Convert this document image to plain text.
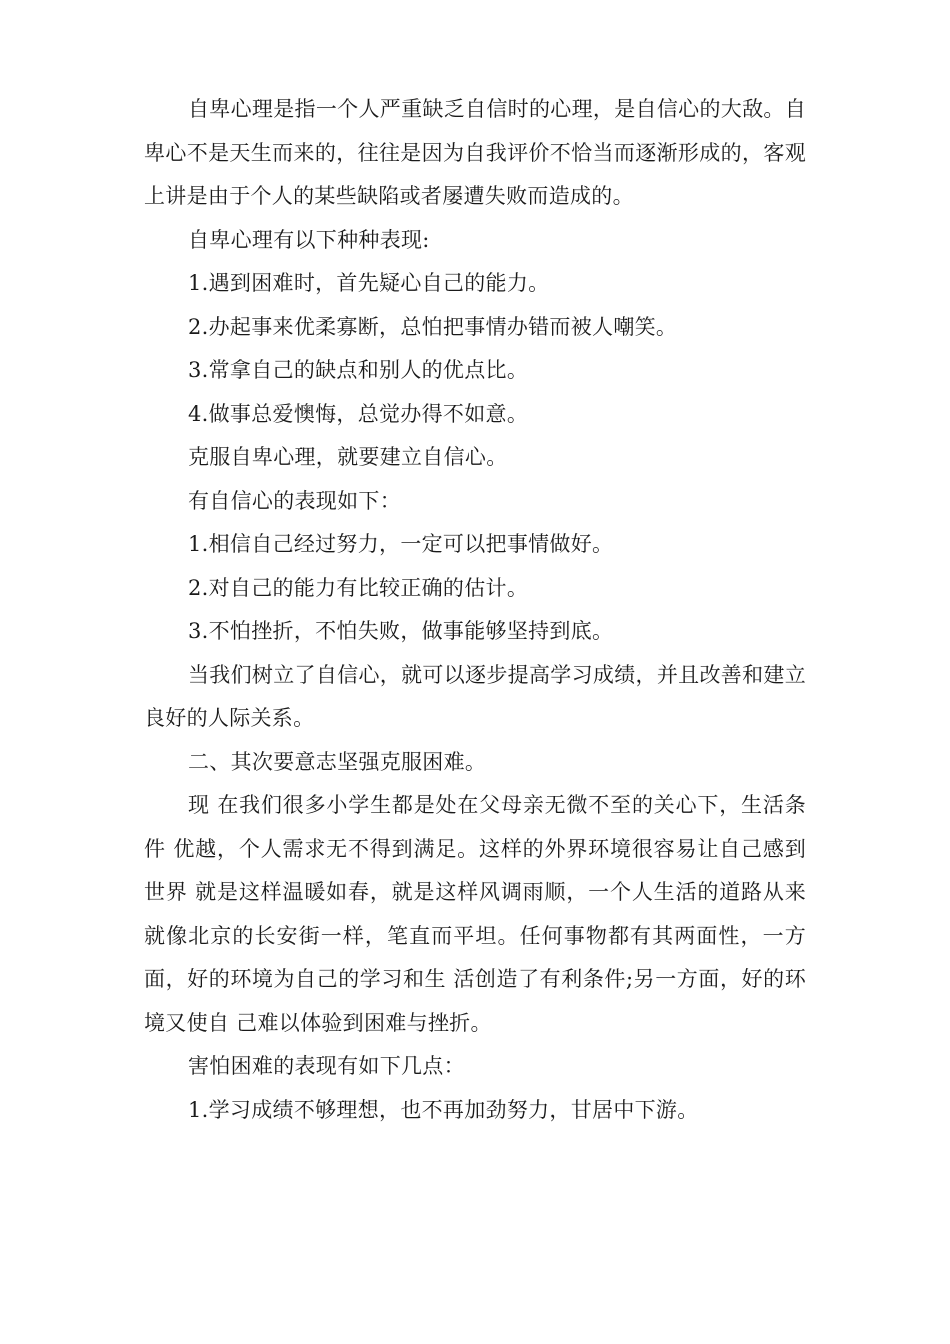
自卑心理是指一个人严重缺乏自信时的心理，是自信心的大敌。自卑心不是天生而来的，往往是因为自我评价不恰当而逐渐形成的，客观上讲是由于个人的某些缺陷或者屡遭失败而造成的。

自卑心理有以下种种表现:

1.遇到困难时，首先疑心自己的能力。

2.办起事来优柔寡断，总怕把事情办错而被人嘲笑。

3.常拿自己的缺点和别人的优点比。

4.做事总爱懊悔，总觉办得不如意。

克服自卑心理，就要建立自信心。

有自信心的表现如下：

1.相信自己经过努力，一定可以把事情做好。

2.对自己的能力有比较正确的估计。

3.不怕挫折，不怕失败，做事能够坚持到底。

当我们树立了自信心，就可以逐步提高学习成绩，并且改善和建立良好的人际关系。

二、其次要意志坚强克服困难。

现 在我们很多小学生都是处在父母亲无微不至的关心下，生活条件 优越，个人需求无不得到满足。这样的外界环境很容易让自己感到世界 就是这样温暖如春，就是这样风调雨顺，一个人生活的道路从来就像北京的长安街一样，笔直而平坦。任何事物都有其两面性，一方面，好的环境为自己的学习和生 活创造了有利条件;另一方面，好的环境又使自 己难以体验到困难与挫折。

害怕困难的表现有如下几点：

1.学习成绩不够理想，也不再加劲努力，甘居中下游。
